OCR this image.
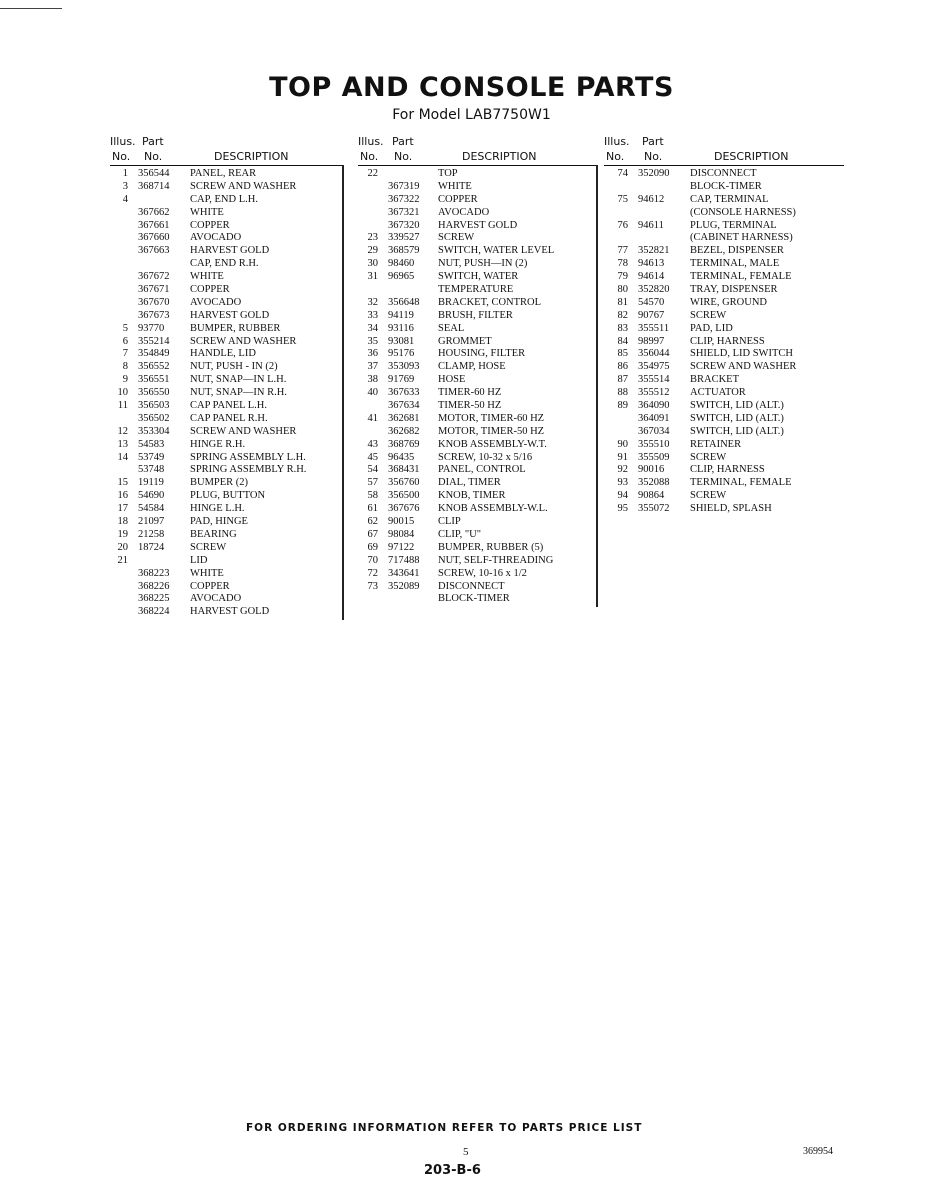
TOP AND CONSOLE PARTS
For Model LAB7750W1
Illus. Part
No. No.	DESCRIPTION
1 356544 PANEL, REAR
3 368714 SCREW AND WASHER
4	CAP, END L.H.
367662 WHITE
367661 COPPER
367660 AVOCADO
367663 HARVEST GOLD
CAP, END R.H.
367672 WHITE
367671 COPPER
367670 AVOCADO
367673 HARVEST GOLD
5 93770 BUMPER, RUBBER
6 355214 SCREW AND WASHER
7 354849 HANDLE, LID
8 356552 NUT, PUSH - IN (2)
9 356551 NUT, SNAP—IN L.H.
10 356550 NUT, SNAP—IN R.H.
11 356503 CAP PANEL L.H.
356502 CAP PANEL R.H.
12 353304 SCREW AND WASHER
13 54583 HINGE R.H.
14 53749 SPRING ASSEMBLY L.H.
53748 SPRING ASSEMBLY R.H.
15 19119 BUMPER (2)
16 54690 PLUG, BUTTON
17 54584 HINGE L.H.
18 21097 PAD, HINGE
19 21258 BEARING
20 18724 SCREW
21	LID
368223 WHITE
368226 COPPER
368225 AVOCADO
368224 HARVEST GOLD
Illus. Part
No. No.	DESCRIPTION
22	TOP
367319 WHITE
367322 COPPER
367321 AVOCADO
367320 HARVEST GOLD
23 339527 SCREW
29 368579 SWITCH, WATER LEVEL
30 98460 NUT, PUSH—IN (2)
31 96965 SWITCH, WATER
TEMPERATURE
32 356648 BRACKET, CONTROL
33 94119 BRUSH, FILTER
34 93116 SEAL
35 93081 GROMMET
36 95176 HOUSING, FILTER
37 353093 CLAMP, HOSE
38 91769 HOSE
40 367633 TIMER-60 HZ
367634 TIMER-50 HZ
41 362681 MOTOR, TIMER-60 HZ
362682 MOTOR, TIMER-50 HZ
43 368769 KNOB ASSEMBLY-W.T.
45 96435 SCREW, 10-32 x 5/16
54 368431 PANEL, CONTROL
57 356760 DIAL, TIMER
58 356500 KNOB, TIMER
61 367676 KNOB ASSEMBLY-W.L.
62 90015 CLIP
67 98084 CLIP, "U"
69 97122 BUMPER, RUBBER (5)
70 717488 NUT, SELF-THREADING
72 343641 SCREW, 10-16 x 1/2
73 352089 DISCONNECT
BLOCK-TIMER
Illus. Part
No. No.	DESCRIPTION
74 352090 DISCONNECT
BLOCK-TIMER
75 94612 CAP, TERMINAL
(CONSOLE HARNESS)
76 94611 PLUG, TERMINAL
(CABINET HARNESS)
77 352821 BEZEL, DISPENSER
78 94613 TERMINAL, MALE
79 94614 TERMINAL, FEMALE
80 352820 TRAY, DISPENSER
81 54570 WIRE, GROUND
82 90767 SCREW
83 355511 PAD, LID
84 98997 CLIP, HARNESS
85 356044 SHIELD, LID SWITCH
86 354975 SCREW AND WASHER
87 355514 BRACKET
88 355512 ACTUATOR
89 364090 SWITCH, LID (ALT.)
364091 SWITCH, LID (ALT.)
367034 SWITCH, LID (ALT.)
90 355510 RETAINER
91 355509 SCREW
92 90016 CLIP, HARNESS
93 352088 TERMINAL, FEMALE
94 90864 SCREW
95 355072 SHIELD, SPLASH
FOR ORDERING INFORMATION REFER TO PARTS PRICE LIST
5	369954
203-B-6
